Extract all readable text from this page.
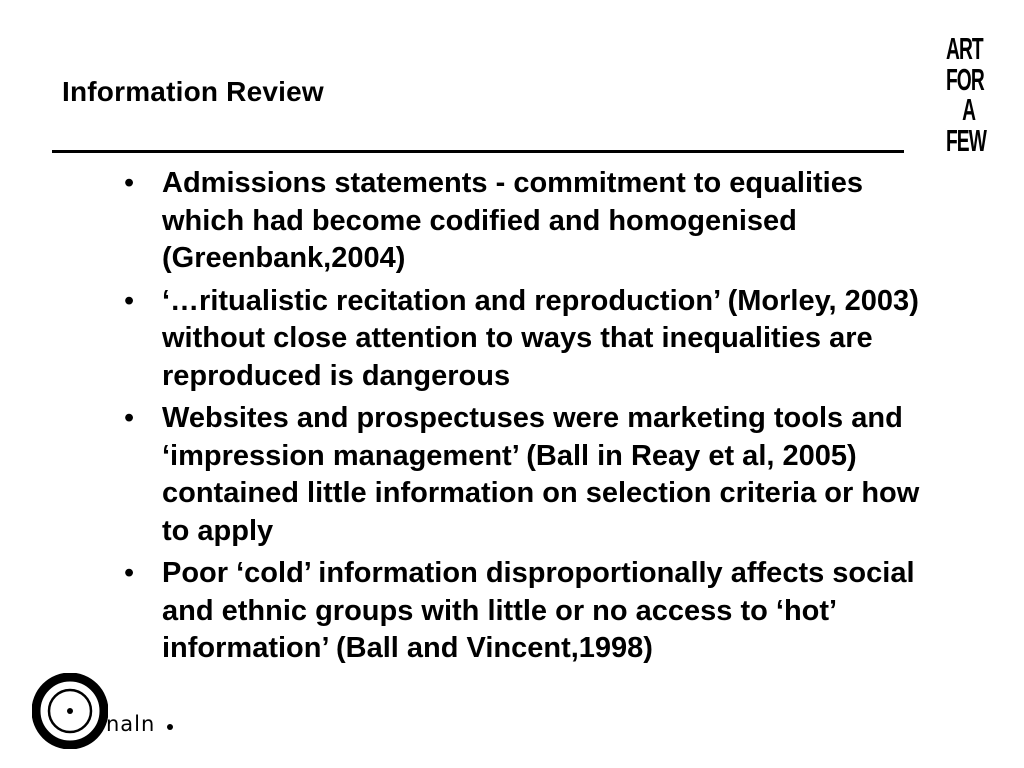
Information Review
ART
FOR
A
FEW
• Admissions statements - commitment to equalities which had become codified and homogenised (Greenbank,2004)
• ‘…ritualistic recitation and reproduction’ (Morley, 2003) without close attention to ways that inequalities are reproduced is dangerous
• Websites and prospectuses were marketing tools and ‘impression management’ (Ball in Reay et al, 2005) contained little information on selection criteria or how to apply
• Poor ‘cold’ information disproportionally affects social and ethnic groups with little or no access to ‘hot’ information’ (Ball and Vincent,1998)
naln
